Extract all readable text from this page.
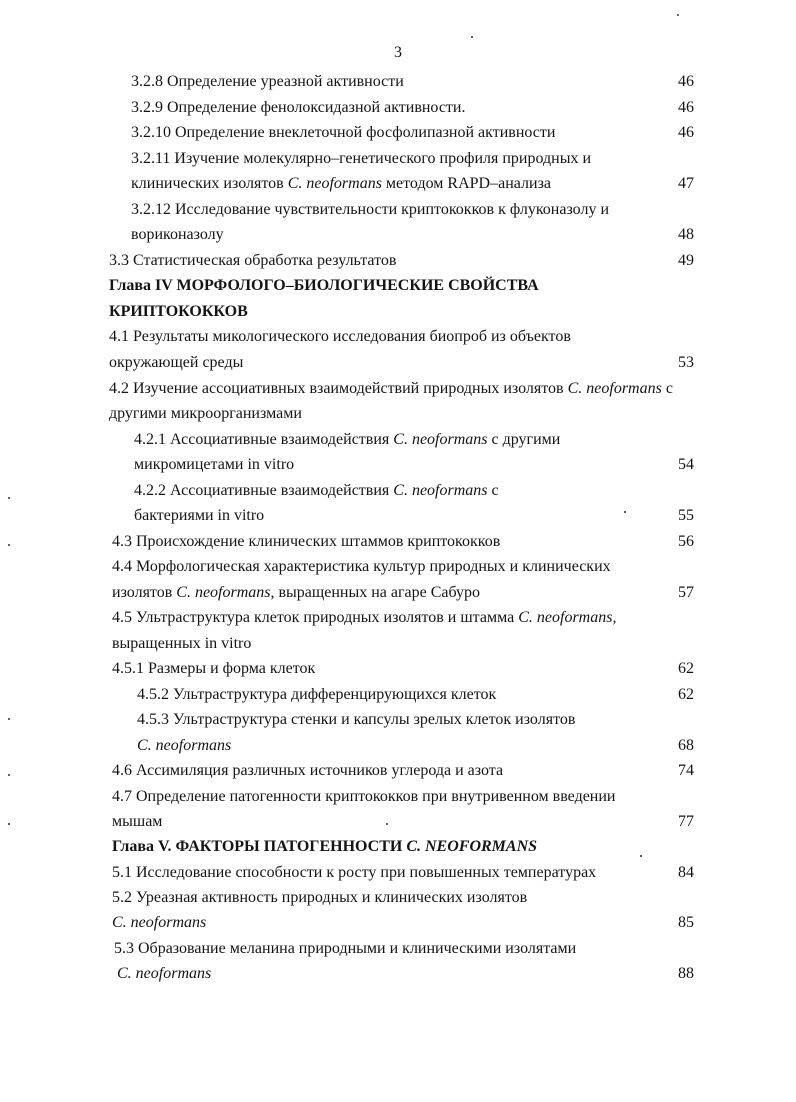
3
3.2.8 Определение уреазной активности	46
3.2.9 Определение фенолоксидазной активности.	46
3.2.10 Определение внеклеточной фосфолипазной активности	46
3.2.11 Изучение молекулярно–генетического профиля природных и
клинических изолятов C. neoformans методом RAPD–анализа	47
3.2.12 Исследование чувствительности криптококков к флуконазолу и
вориконазолу	48
3.3 Статистическая обработка результатов	49
Глава IV МОРФОЛОГО–БИОЛОГИЧЕСКИЕ СВОЙСТВА
КРИПТОКОККОВ
4.1 Результаты микологического исследования биопроб из объектов
окружающей среды	53
4.2 Изучение ассоциативных взаимодействий природных изолятов C. neoformans с
другими микроорганизмами
4.2.1 Ассоциативные взаимодействия C. neoformans с другими
микромицетами in vitro	54
4.2.2 Ассоциативные взаимодействия C. neoformans с
бактериями in vitro	55
4.3 Происхождение клинических штаммов криптококков	56
4.4 Морфологическая характеристика культур природных и клинических
изолятов C. neoformans, выращенных на агаре Сабуро	57
4.5 Ультраструктура клеток природных изолятов и штамма C. neoformans,
выращенных in vitro
4.5.1 Размеры и форма клеток	62
4.5.2 Ультраструктура дифференцирующихся клеток	62
4.5.3 Ультраструктура стенки и капсулы зрелых клеток изолятов
C. neoformans	68
4.6 Ассимиляция различных источников углерода и азота	74
4.7 Определение патогенности криптококков при внутривенном введении
мышам	77
Глава V. ФАКТОРЫ ПАТОГЕННОСТИ C. NEOFORMANS
5.1 Исследование способности к росту при повышенных температурах	84
5.2 Уреазная активность природных и клинических изолятов
C. neoformans	85
5.3 Образование меланина природными и клиническими изолятами
C. neoformans	88
